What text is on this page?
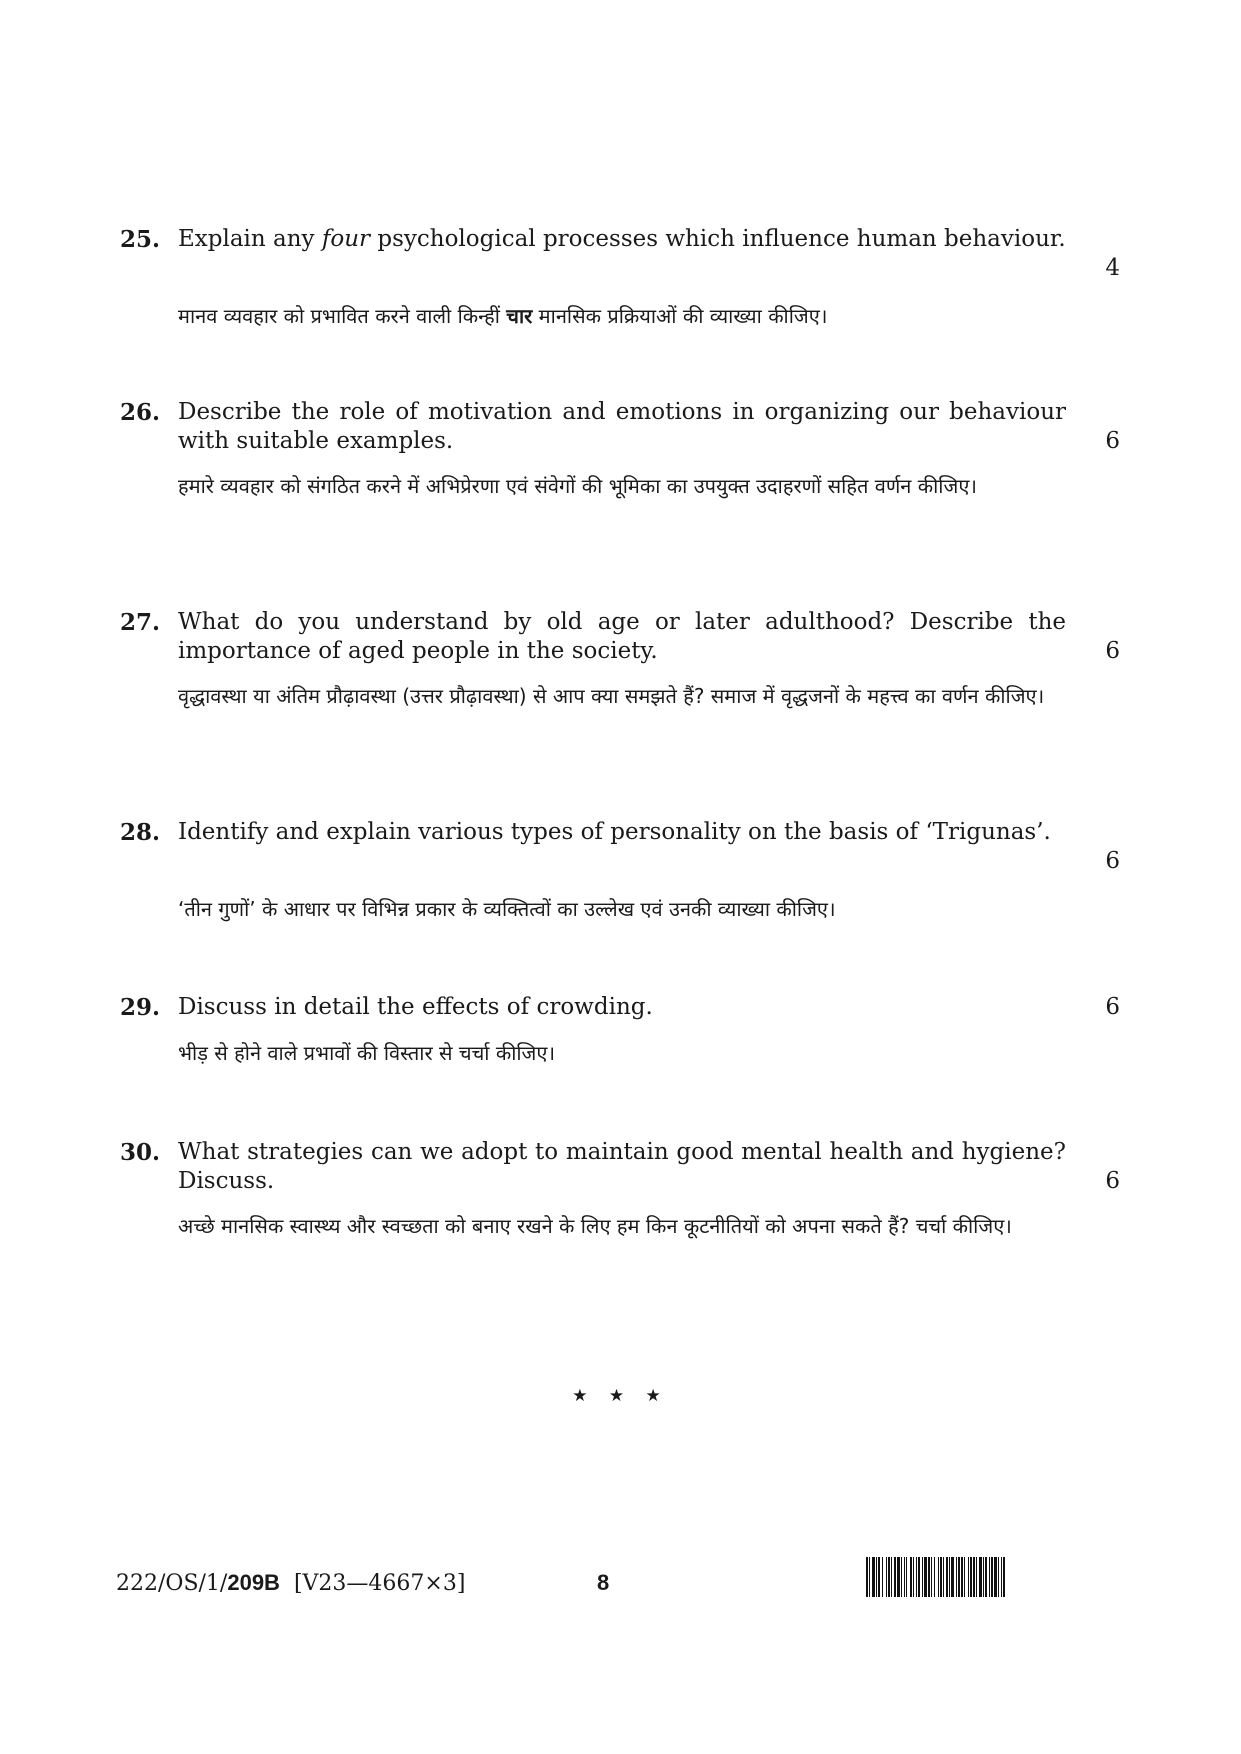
25. Explain any four psychological processes which influence human behaviour.
4
मानव व्यवहार को प्रभावित करने वाली किन्हीं चार मानसिक प्रक्रियाओं की व्याख्या कीजिए।
26. Describe the role of motivation and emotions in organizing our behaviour with suitable examples.	6
हमारे व्यवहार को संगठित करने में अभिप्रेरणा एवं संवेगों की भूमिका का उपयुक्त उदाहरणों सहित वर्णन कीजिए।
27. What do you understand by old age or later adulthood? Describe the importance of aged people in the society.	6
वृद्धावस्था या अंतिम प्रौढ़ावस्था (उत्तर प्रौढ़ावस्था) से आप क्या समझते हैं? समाज में वृद्धजनों के महत्त्व का वर्णन कीजिए।
28. Identify and explain various types of personality on the basis of ‘Trigunas’.
6
‘तीन गुणों’ के आधार पर विभिन्न प्रकार के व्यक्तित्वों का उल्लेख एवं उनकी व्याख्या कीजिए।
29. Discuss in detail the effects of crowding.	6
भीड़ से होने वाले प्रभावों की विस्तार से चर्चा कीजिए।
30. What strategies can we adopt to maintain good mental health and hygiene? Discuss.	6
अच्छे मानसिक स्वास्थ्य और स्वच्छता को बनाए रखने के लिए हम किन कूटनीतियों को अपना सकते हैं? चर्चा कीजिए।
★ ★ ★
222/OS/1/209B [V23—4667×3]	8
